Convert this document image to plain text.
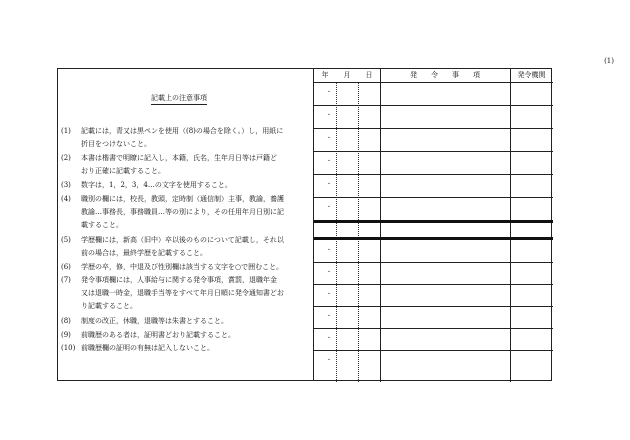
(1)
記載上の注意事項
(1) 記載には，青又は黒ペンを使用（(8)の場合を除く。）し，用紙に
折目をつけないこと。
(2) 本書は楷書で明瞭に記入し，本籍，氏名，生年月日等は戸籍ど
おり正確に記載すること。
(3) 数字は，1，2，3，4…の文字を使用すること。
(4) 職別の欄には，校長，教頭，定時制（通信制）主事，教諭，養護
教諭…事務長，事務職員…等の別により，その任用年月日別に記
載すること。
(5) 学歴欄には，新高（旧中）卒以後のものについて記載し，それ以
前の場合は，最終学歴を記載すること。
(6) 学歴の卒，修，中退及び性別欄は該当する文字を○で囲むこと。
(7) 発令事項欄には，人事給与に関する発令事項，賞罰，退職年金
又は退職一時金，退職手当等をすべて年月日順に発令通知書どお
り記載すること。
(8) 制度の改正，休職，退職等は朱書とすること。
(9) 前職歴のある者は，証明書どおり記載すること。
(10) 前職歴欄の証明の有無は記入しないこと。
年	月	日	発　　令　　事　　項	発令機関
・
・
・
・
・
・
・
・
・
・
・
・
